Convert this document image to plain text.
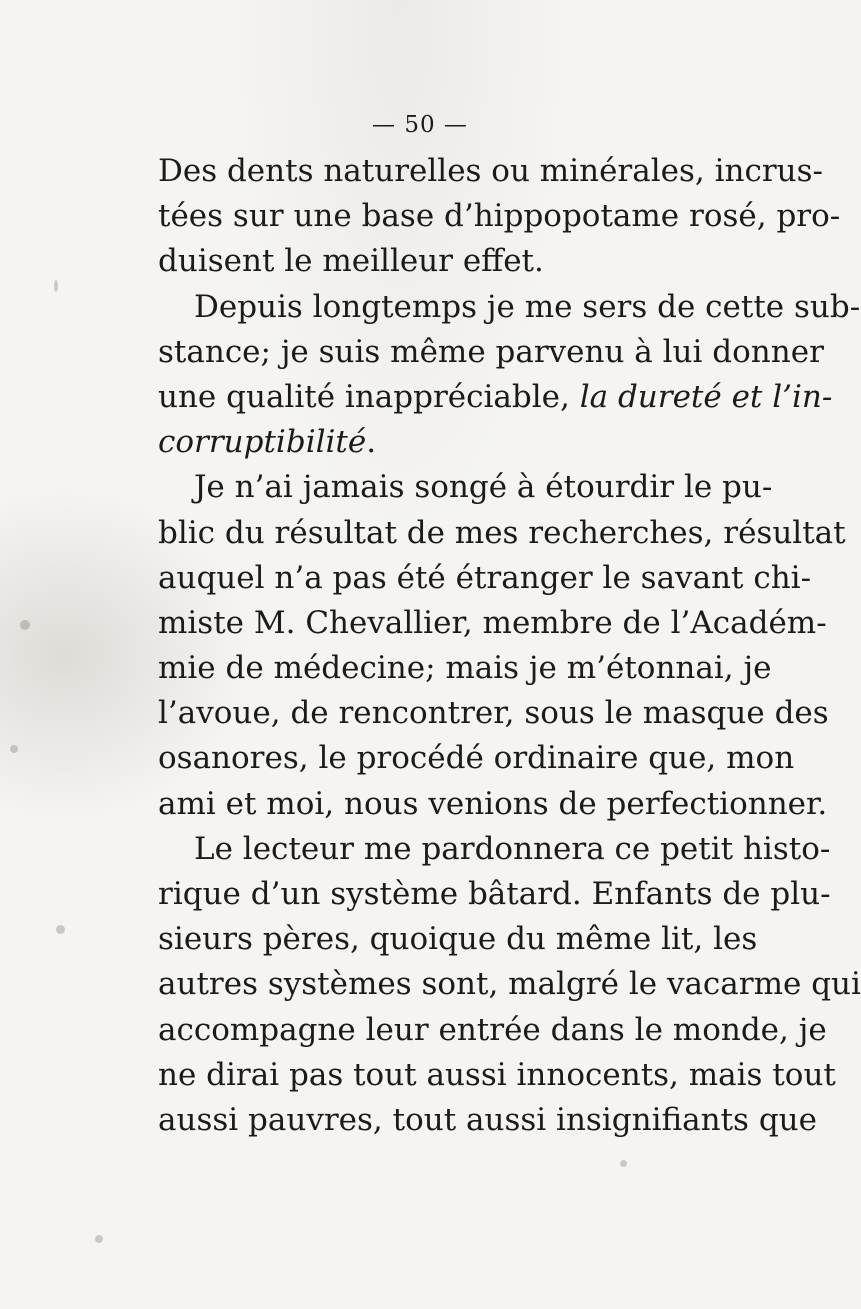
— 50 —
Des dents naturelles ou minérales, incrus-
tées sur une base d’hippopotame rosé, pro-
duisent le meilleur effet.
Depuis longtemps je me sers de cette sub-
stance; je suis même parvenu à lui donner
une qualité inappréciable, la dureté et l’in-
corruptibilité.
Je n’ai jamais songé à étourdir le pu-
blic du résultat de mes recherches, résultat
auquel n’a pas été étranger le savant chi-
miste M. Chevallier, membre de l’Académ-
mie de médecine; mais je m’étonnai, je
l’avoue, de rencontrer, sous le masque des
osanores, le procédé ordinaire que, mon
ami et moi, nous venions de perfectionner.
Le lecteur me pardonnera ce petit histo-
rique d’un système bâtard. Enfants de plu-
sieurs pères, quoique du même lit, les
autres systèmes sont, malgré le vacarme qui
accompagne leur entrée dans le monde, je
ne dirai pas tout aussi innocents, mais tout
aussi pauvres, tout aussi insignifiants que
